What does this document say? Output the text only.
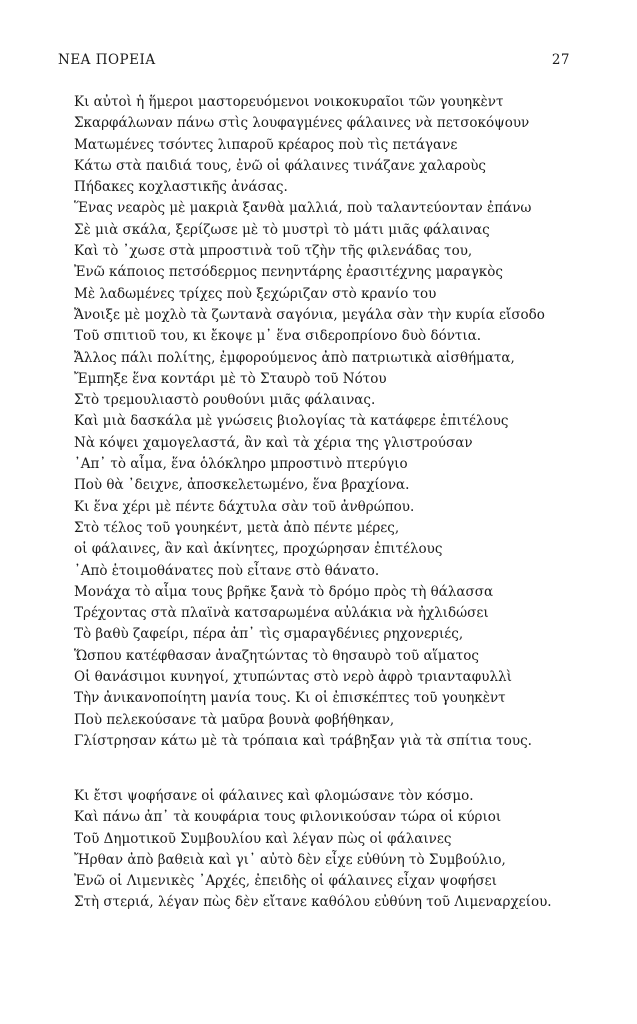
ΝΕΑ ΠΟΡΕΙΑ	27
Κι αὐτοὶ ἡ ἥμεροι μαστορευόμενοι νοικοκυραῖοι τῶν γουηκὲντ
Σκαρφάλωναν πάνω στὶς λουφαγμένες φάλαινες νὰ πετσοκόψουν
Ματωμένες τσόντες λιπαροῦ κρέαρος ποὺ τὶς πετάγανε
Κάτω στὰ παιδιά τους, ἐνῶ οἱ φάλαινες τινάζανε χαλαροὺς
Πήδακες κοχλαστικῆς ἀνάσας.
Ἕνας νεαρὸς μὲ μακριὰ ξανθὰ μαλλιά, ποὺ ταλαντεύονταν ἐπάνω
Σὲ μιὰ σκάλα, ξερίζωσε μὲ τὸ μυστρὶ τὸ μάτι μιᾶς φάλαινας
Καὶ τὸ ᾽χωσε στὰ μπροστινὰ τοῦ τζὴν τῆς φιλενάδας του,
Ἐνῶ κάποιος πετσόδερμος πενηντάρης ἐρασιτέχνης μαραγκὸς
Μὲ λαδωμένες τρίχες ποὺ ξεχώριζαν στὸ κρανίο του
Ἄνοιξε μὲ μοχλὸ τὰ ζωντανὰ σαγόνια, μεγάλα σὰν τὴν κυρία εἴσοδο
Τοῦ σπιτιοῦ του, κι ἔκοψε μ᾽ ἕνα σιδεροπρίονο δυὸ δόντια.
Ἄλλος πάλι πολίτης, ἐμφορούμενος ἀπὸ πατριωτικὰ αἰσθήματα,
Ἔμπηξε ἕνα κοντάρι μὲ τὸ Σταυρὸ τοῦ Νότου
Στὸ τρεμουλιαστὸ ρουθούνι μιᾶς φάλαινας.
Καὶ μιὰ δασκάλα μὲ γνώσεις βιολογίας τὰ κατάφερε ἐπιτέλους
Νὰ κόψει χαμογελαστά, ἂν καὶ τὰ χέρια της γλιστρούσαν
᾽Απ᾽ τὸ αἷμα, ἕνα ὁλόκληρο μπροστινὸ πτερύγιο
Ποὺ θὰ ᾽δειχνε, ἀποσκελετωμένο, ἕνα βραχίονα.
Κι ἕνα χέρι μὲ πέντε δάχτυλα σὰν τοῦ ἀνθρώπου.
Στὸ τέλος τοῦ γουηκέντ, μετὰ ἀπὸ πέντε μέρες,
οἱ φάλαινες, ἂν καὶ ἀκίνητες, προχώρησαν ἐπιτέλους
᾽Απὸ ἑτοιμοθάνατες ποὺ εἶτανε στὸ θάνατο.
Μονάχα τὸ αἷμα τους βρῆκε ξανὰ τὸ δρόμο πρὸς τὴ θάλασσα
Τρέχοντας στὰ πλαϊνὰ κατσαρωμένα αὐλάκια νὰ ἠχλιδώσει
Τὸ βαθὺ ζαφείρι, πέρα ἀπ᾽ τὶς σμαραγδένιες ρηχονεριές,
Ὥσπου κατέφθασαν ἀναζητώντας τὸ θησαυρὸ τοῦ αἵματος
Οἱ θανάσιμοι κυνηγοί, χτυπώντας στὸ νερὸ ἀφρὸ τριανταφυλλὶ
Τὴν ἀνικανοποίητη μανία τους. Κι οἱ ἐπισκέπτες τοῦ γουηκὲντ
Ποὺ πελεκούσανε τὰ μαῦρα βουνὰ φοβήθηκαν,
Γλίστρησαν κάτω μὲ τὰ τρόπαια καὶ τράβηξαν γιὰ τὰ σπίτια τους.
Κι ἔτσι ψοφήσανε οἱ φάλαινες καὶ φλομώσανε τὸν κόσμο.
Καὶ πάνω ἀπ᾽ τὰ κουφάρια τους φιλονικούσαν τώρα οἱ κύριοι
Τοῦ Δημοτικοῦ Συμβουλίου καὶ λέγαν πὼς οἱ φάλαινες
Ἤρθαν ἀπὸ βαθειὰ καὶ γι᾽ αὐτὸ δὲν εἶχε εὐθύνη τὸ Συμβούλιο,
Ἐνῶ οἱ Λιμενικὲς ᾽Αρχές, ἐπειδὴς οἱ φάλαινες εἶχαν ψοφήσει
Στὴ στεριά, λέγαν πὼς δὲν εἴτανε καθόλου εὐθύνη τοῦ Λιμεναρχείου.
